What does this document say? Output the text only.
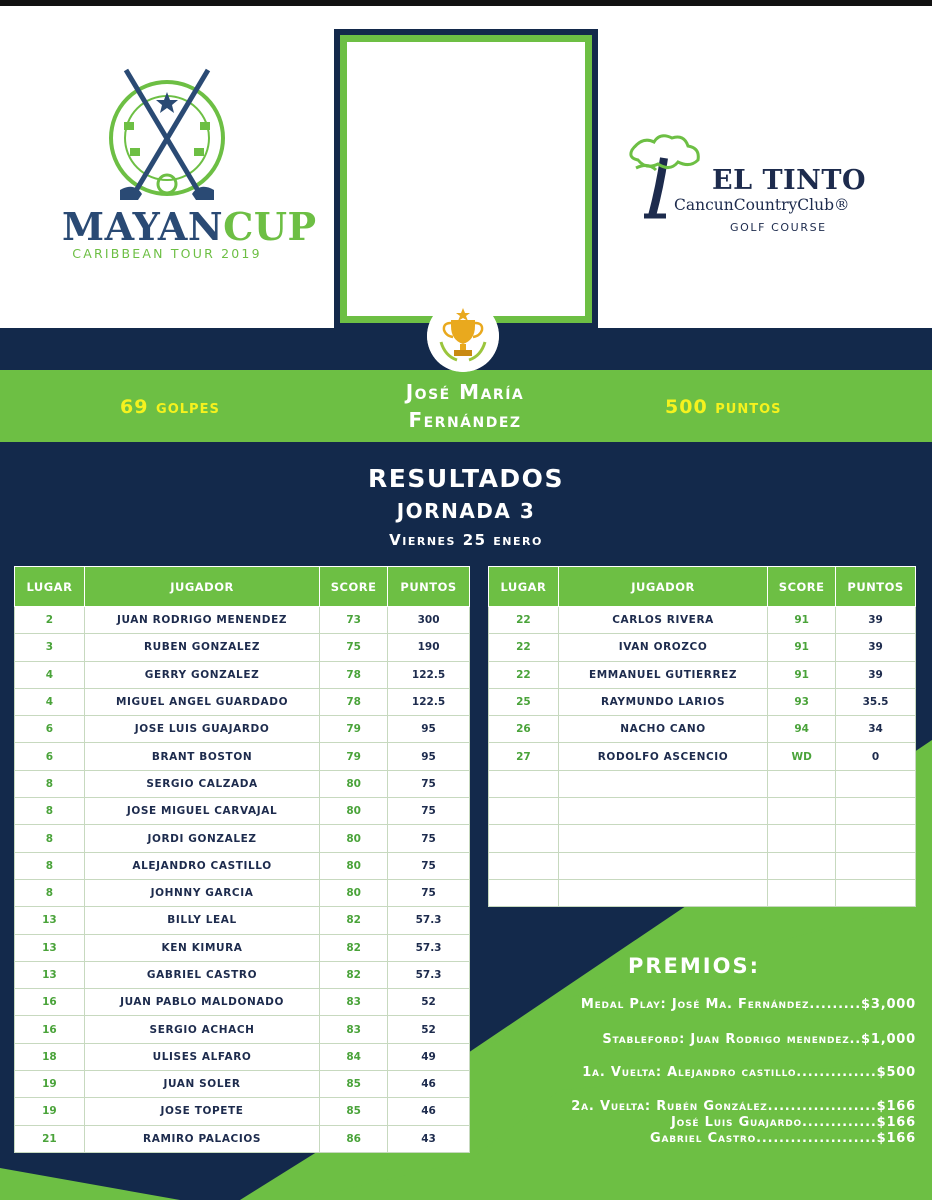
MAYANCUP
CARIBBEAN TOUR 2019
EL TINTO
CancunCountryClub®
GOLF COURSE
69 golpes
José María
Fernández
500 puntos
RESULTADOS
JORNADA 3
Viernes 25 enero
LUGAR	JUGADOR	SCORE	PUNTOS
2	JUAN RODRIGO MENENDEZ	73	300
3	RUBEN GONZALEZ	75	190
4	GERRY GONZALEZ	78	122.5
4	MIGUEL ANGEL GUARDADO	78	122.5
6	JOSE LUIS GUAJARDO	79	95
6	BRANT BOSTON	79	95
8	SERGIO CALZADA	80	75
8	JOSE MIGUEL CARVAJAL	80	75
8	JORDI GONZALEZ	80	75
8	ALEJANDRO CASTILLO	80	75
8	JOHNNY GARCIA	80	75
13	BILLY LEAL	82	57.3
13	KEN KIMURA	82	57.3
13	GABRIEL CASTRO	82	57.3
16	JUAN PABLO MALDONADO	83	52
16	SERGIO ACHACH	83	52
18	ULISES ALFARO	84	49
19	JUAN SOLER	85	46
19	JOSE TOPETE	85	46
21	RAMIRO PALACIOS	86	43
LUGAR	JUGADOR	SCORE	PUNTOS
22	CARLOS RIVERA	91	39
22	IVAN OROZCO	91	39
22	EMMANUEL GUTIERREZ	91	39
25	RAYMUNDO LARIOS	93	35.5
26	NACHO CANO	94	34
27	RODOLFO ASCENCIO	WD	0

PREMIOS:
Medal Play: José Ma. Fernández.........$3,000
Stableford: Juan Rodrigo menendez..$1,000
1a. Vuelta: Alejandro castillo..............$500
2a. Vuelta: Rubén González...................$166
José Luis Guajardo.............$166
Gabriel Castro.....................$166
